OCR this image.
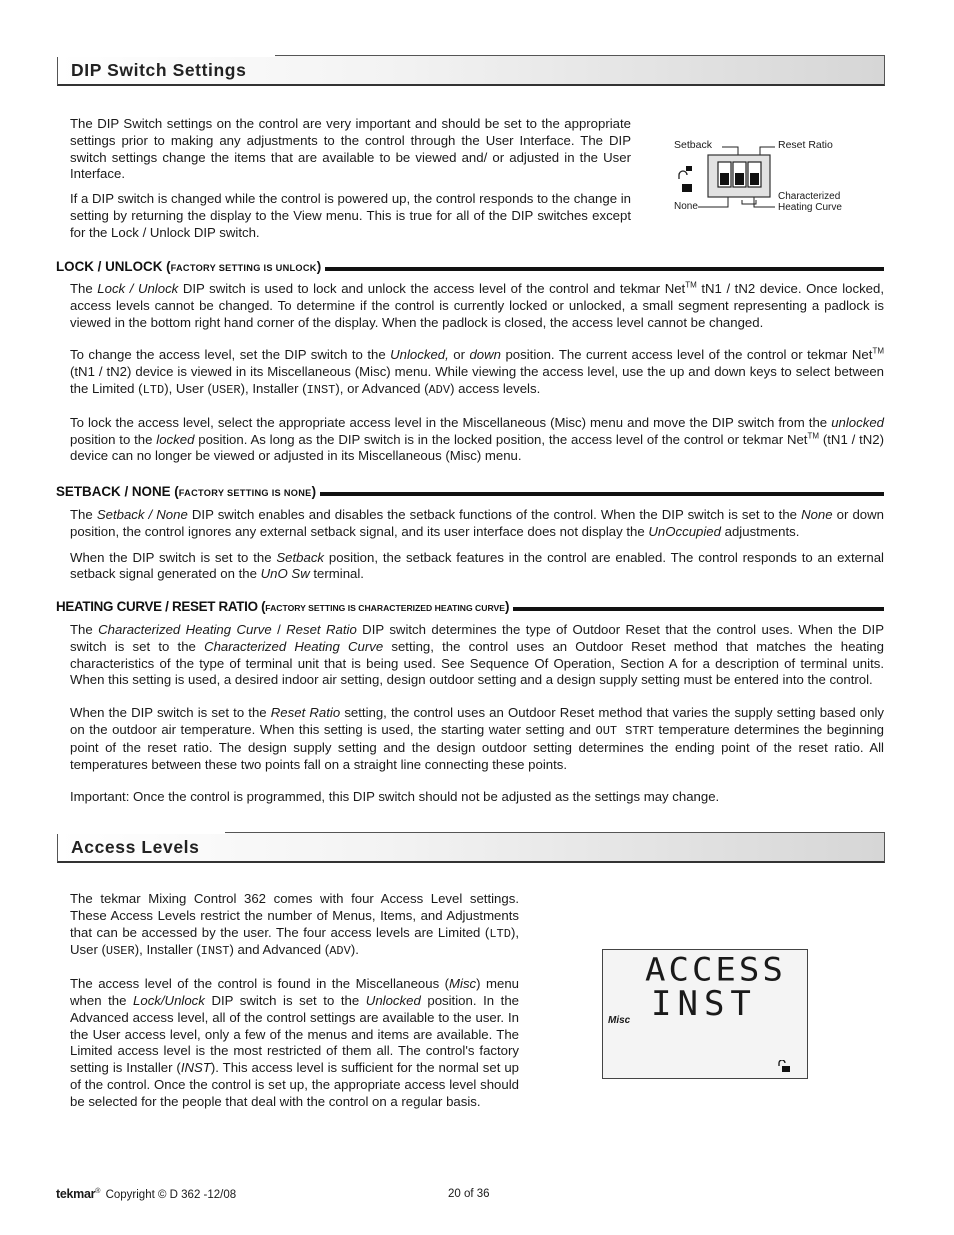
DIP Switch Settings

The DIP Switch settings on the control are very important and should be set to the appropriate settings prior to making any adjustments to the control through the User Interface. The DIP switch settings change the items that are available to be viewed and/ or adjusted in the User Interface.

If a DIP switch is changed while the control is powered up, the control responds to the change in setting by returning the display to the View menu. This is true for all of the DIP switches except for the Lock / Unlock DIP switch.

Setback	Reset Ratio
None
Characterized
Heating Curve
LOCK / UNLOCK (FACTORY SETTING IS UNLOCK)

The Lock / Unlock DIP switch is used to lock and unlock the access level of the control and tekmar Net™ tN1 / tN2 device. Once locked, access levels cannot be changed. To determine if the control is currently locked or unlocked, a small segment representing a padlock is viewed in the bottom right hand corner of the display. When the padlock is closed, the access level cannot be changed.

To change the access level, set the DIP switch to the Unlocked, or down position. The current access level of the control or tekmar Net™ (tN1 / tN2) device is viewed in its Miscellaneous (Misc) menu. While viewing the access level, use the up and down keys to select between the Limited (LTD), User (USER), Installer (INST), or Advanced (ADV) access levels.

To lock the access level, select the appropriate access level in the Miscellaneous (Misc) menu and move the DIP switch from the unlocked position to the locked position. As long as the DIP switch is in the locked position, the access level of the control or tekmar Net™ (tN1 / tN2) device can no longer be viewed or adjusted in its Miscellaneous (Misc) menu.

SETBACK / NONE (FACTORY SETTING IS NONE)

The Setback / None DIP switch enables and disables the setback functions of the control. When the DIP switch is set to the None or down position, the control ignores any external setback signal, and its user interface does not display the UnOccupied adjustments.

When the DIP switch is set to the Setback position, the setback features in the control are enabled. The control responds to an external setback signal generated on the UnO Sw terminal.

HEATING CURVE / RESET RATIO (FACTORY SETTING IS CHARACTERIZED HEATING CURVE)

The Characterized Heating Curve / Reset Ratio DIP switch determines the type of Outdoor Reset that the control uses. When the DIP switch is set to the Characterized Heating Curve setting, the control uses an Outdoor Reset method that matches the heating characteristics of the type of terminal unit that is being used. See Sequence Of Operation, Section A for a description of terminal units. When this setting is used, a desired indoor air setting, design outdoor setting and a design supply setting must be entered into the control.

When the DIP switch is set to the Reset Ratio setting, the control uses an Outdoor Reset method that varies the supply setting based only on the outdoor air temperature. When this setting is used, the starting water setting and OUT STRT temperature determines the beginning point of the reset ratio. The design supply setting and the design outdoor setting determines the ending point of the reset ratio. All temperatures between these two points fall on a straight line connecting these points.

Important: Once the control is programmed, this DIP switch should not be adjusted as the settings may change.

Access Levels

The tekmar Mixing Control 362 comes with four Access Level settings. These Access Levels restrict the number of Menus, Items, and Adjustments that can be accessed by the user. The four access levels are Limited (LTD), User (USER), Installer (INST) and Advanced (ADV).

The access level of the control is found in the Miscellaneous (Misc) menu when the Lock/Unlock DIP switch is set to the Unlocked position. In the Advanced access level, all of the control settings are available to the user. In the User access level, only a few of the menus and items are available. The Limited access level is the most restricted of them all. The control's factory setting is Installer (INST). This access level is sufficient for the normal set up of the control. Once the control is set up, the appropriate access level should be selected for the people that deal with the control on a regular basis.

ACCESS
INST
Misc
tekmar® Copyright © D 362 -12/08	20 of 36
